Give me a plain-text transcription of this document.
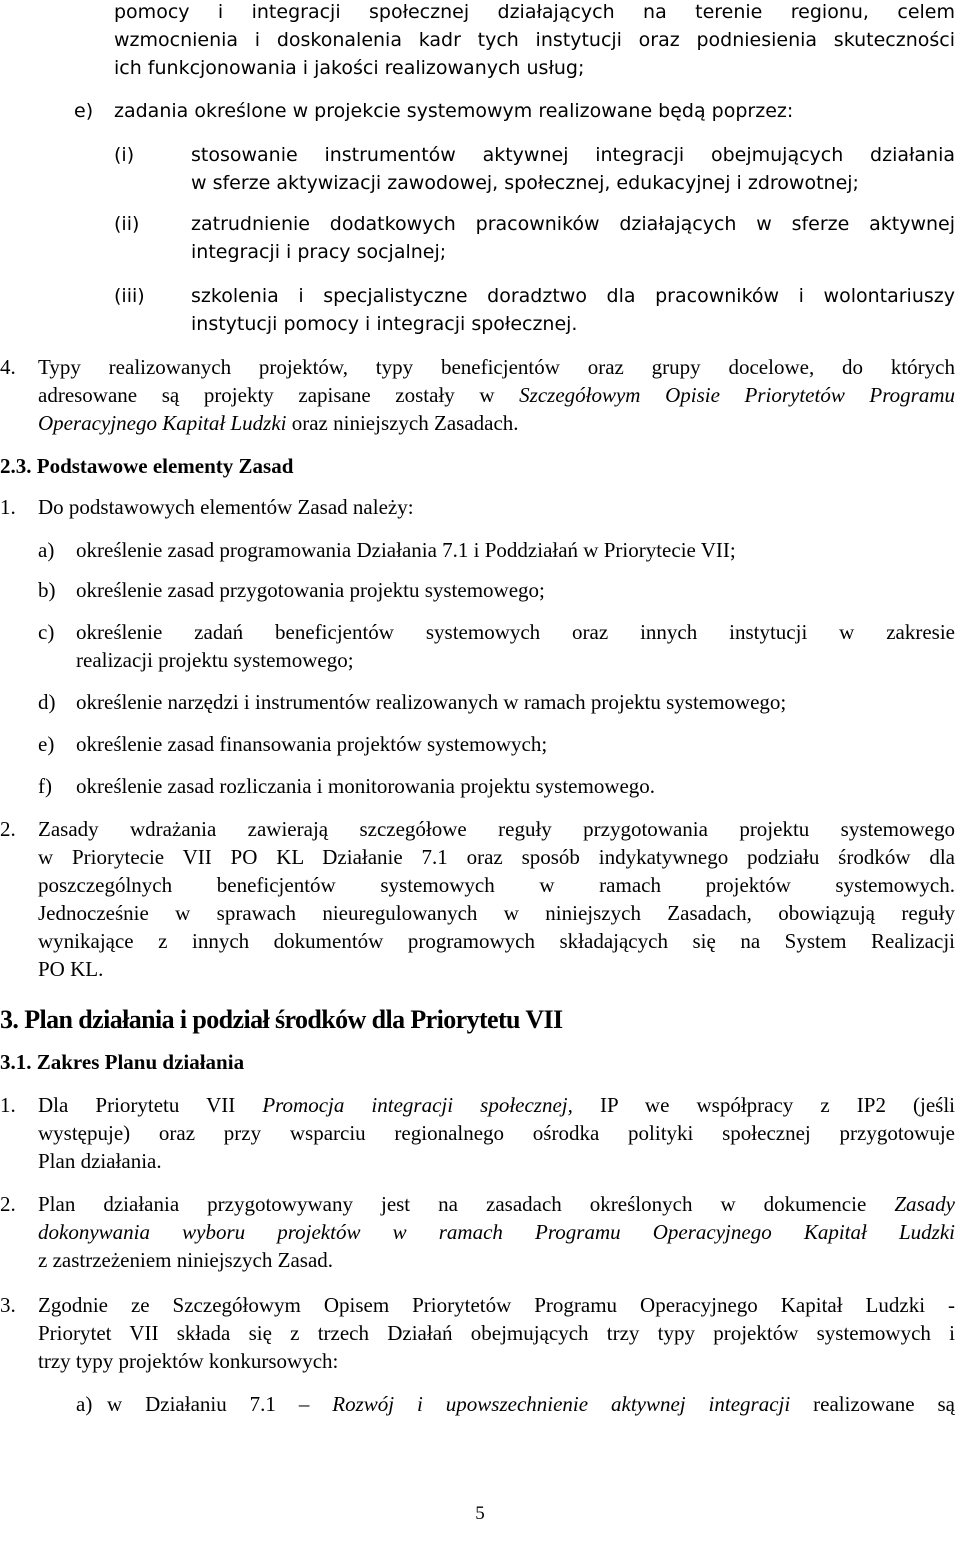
pomocy i integracji społecznej działających na terenie regionu, celem
wzmocnienia i doskonalenia kadr tych instytucji oraz podniesienia skuteczności
ich funkcjonowania i jakości realizowanych usług;
e) zadania określone w projekcie systemowym realizowane będą poprzez:
(i)	stosowanie instrumentów aktywnej integracji obejmujących działania
w sferze aktywizacji zawodowej, społecznej, edukacyjnej i zdrowotnej;
(ii)	zatrudnienie dodatkowych pracowników działających w sferze aktywnej
integracji i pracy socjalnej;
(iii) szkolenia i specjalistyczne doradztwo dla pracowników i wolontariuszy
instytucji pomocy i integracji społecznej.
4. Typy realizowanych projektów, typy beneficjentów oraz grupy docelowe, do których
adresowane są projekty zapisane zostały w Szczegółowym Opisie Priorytetów Programu
Operacyjnego Kapitał Ludzki oraz niniejszych Zasadach.
2.3. Podstawowe elementy Zasad
1. Do podstawowych elementów Zasad należy:
a) określenie zasad programowania Działania 7.1 i Poddziałań w Priorytecie VII;
b) określenie zasad przygotowania projektu systemowego;
c) określenie zadań beneficjentów systemowych oraz innych instytucji w zakresie
realizacji projektu systemowego;
d) określenie narzędzi i instrumentów realizowanych w ramach projektu systemowego;
e) określenie zasad finansowania projektów systemowych;
f) określenie zasad rozliczania i monitorowania projektu systemowego.
2. Zasady wdrażania zawierają szczegółowe reguły przygotowania projektu systemowego
w Priorytecie VII PO KL Działanie 7.1 oraz sposób indykatywnego podziału środków dla
poszczególnych beneficjentów systemowych w ramach projektów systemowych.
Jednocześnie w sprawach nieuregulowanych w niniejszych Zasadach, obowiązują reguły
wynikające z innych dokumentów programowych składających się na System Realizacji
PO KL.
3. Plan działania i podział środków dla Priorytetu VII
3.1. Zakres Planu działania
1. Dla Priorytetu VII Promocja integracji społecznej, IP we współpracy z IP2 (jeśli
występuje) oraz przy wsparciu regionalnego ośrodka polityki społecznej przygotowuje
Plan działania.
2. Plan działania przygotowywany jest na zasadach określonych w dokumencie Zasady
dokonywania wyboru projektów w ramach Programu Operacyjnego Kapitał Ludzki
z zastrzeżeniem niniejszych Zasad.
3. Zgodnie ze Szczegółowym Opisem Priorytetów Programu Operacyjnego Kapitał Ludzki -
Priorytet VII składa się z trzech Działań obejmujących trzy typy projektów systemowych i
trzy typy projektów konkursowych:
a) w Działaniu 7.1 – Rozwój i upowszechnienie aktywnej integracji realizowane są
5
